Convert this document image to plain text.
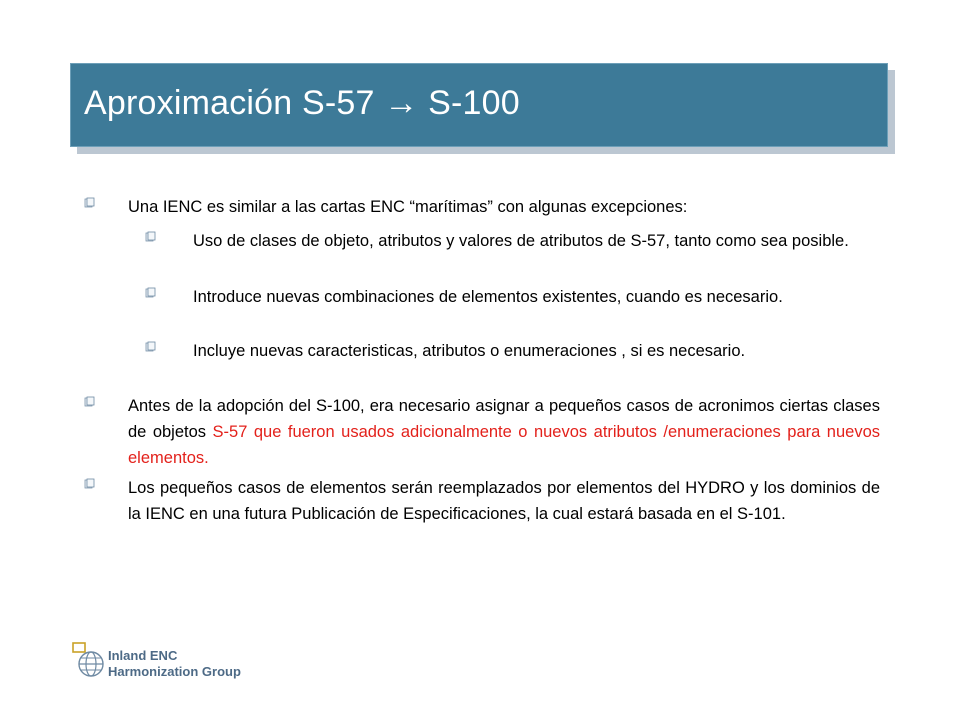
Aproximación S-57 → S-100
Una IENC es similar a las cartas ENC “marítimas” con algunas excepciones:
Uso de clases de objeto, atributos y valores de atributos de S-57, tanto como sea posible.
Introduce nuevas combinaciones de elementos existentes, cuando es necesario.
Incluye nuevas caracteristicas, atributos o enumeraciones , si es necesario.
Antes de la adopción del S-100, era necesario asignar a pequeños casos de acronimos ciertas clases de objetos S-57 que fueron usados adicionalmente o nuevos atributos /enumeraciones para nuevos elementos.
Los pequeños casos de elementos serán reemplazados por elementos del HYDRO y los dominios de la IENC en una futura Publicación de Especificaciones, la cual estará basada en el S-101.
Inland ENC
Harmonization Group
